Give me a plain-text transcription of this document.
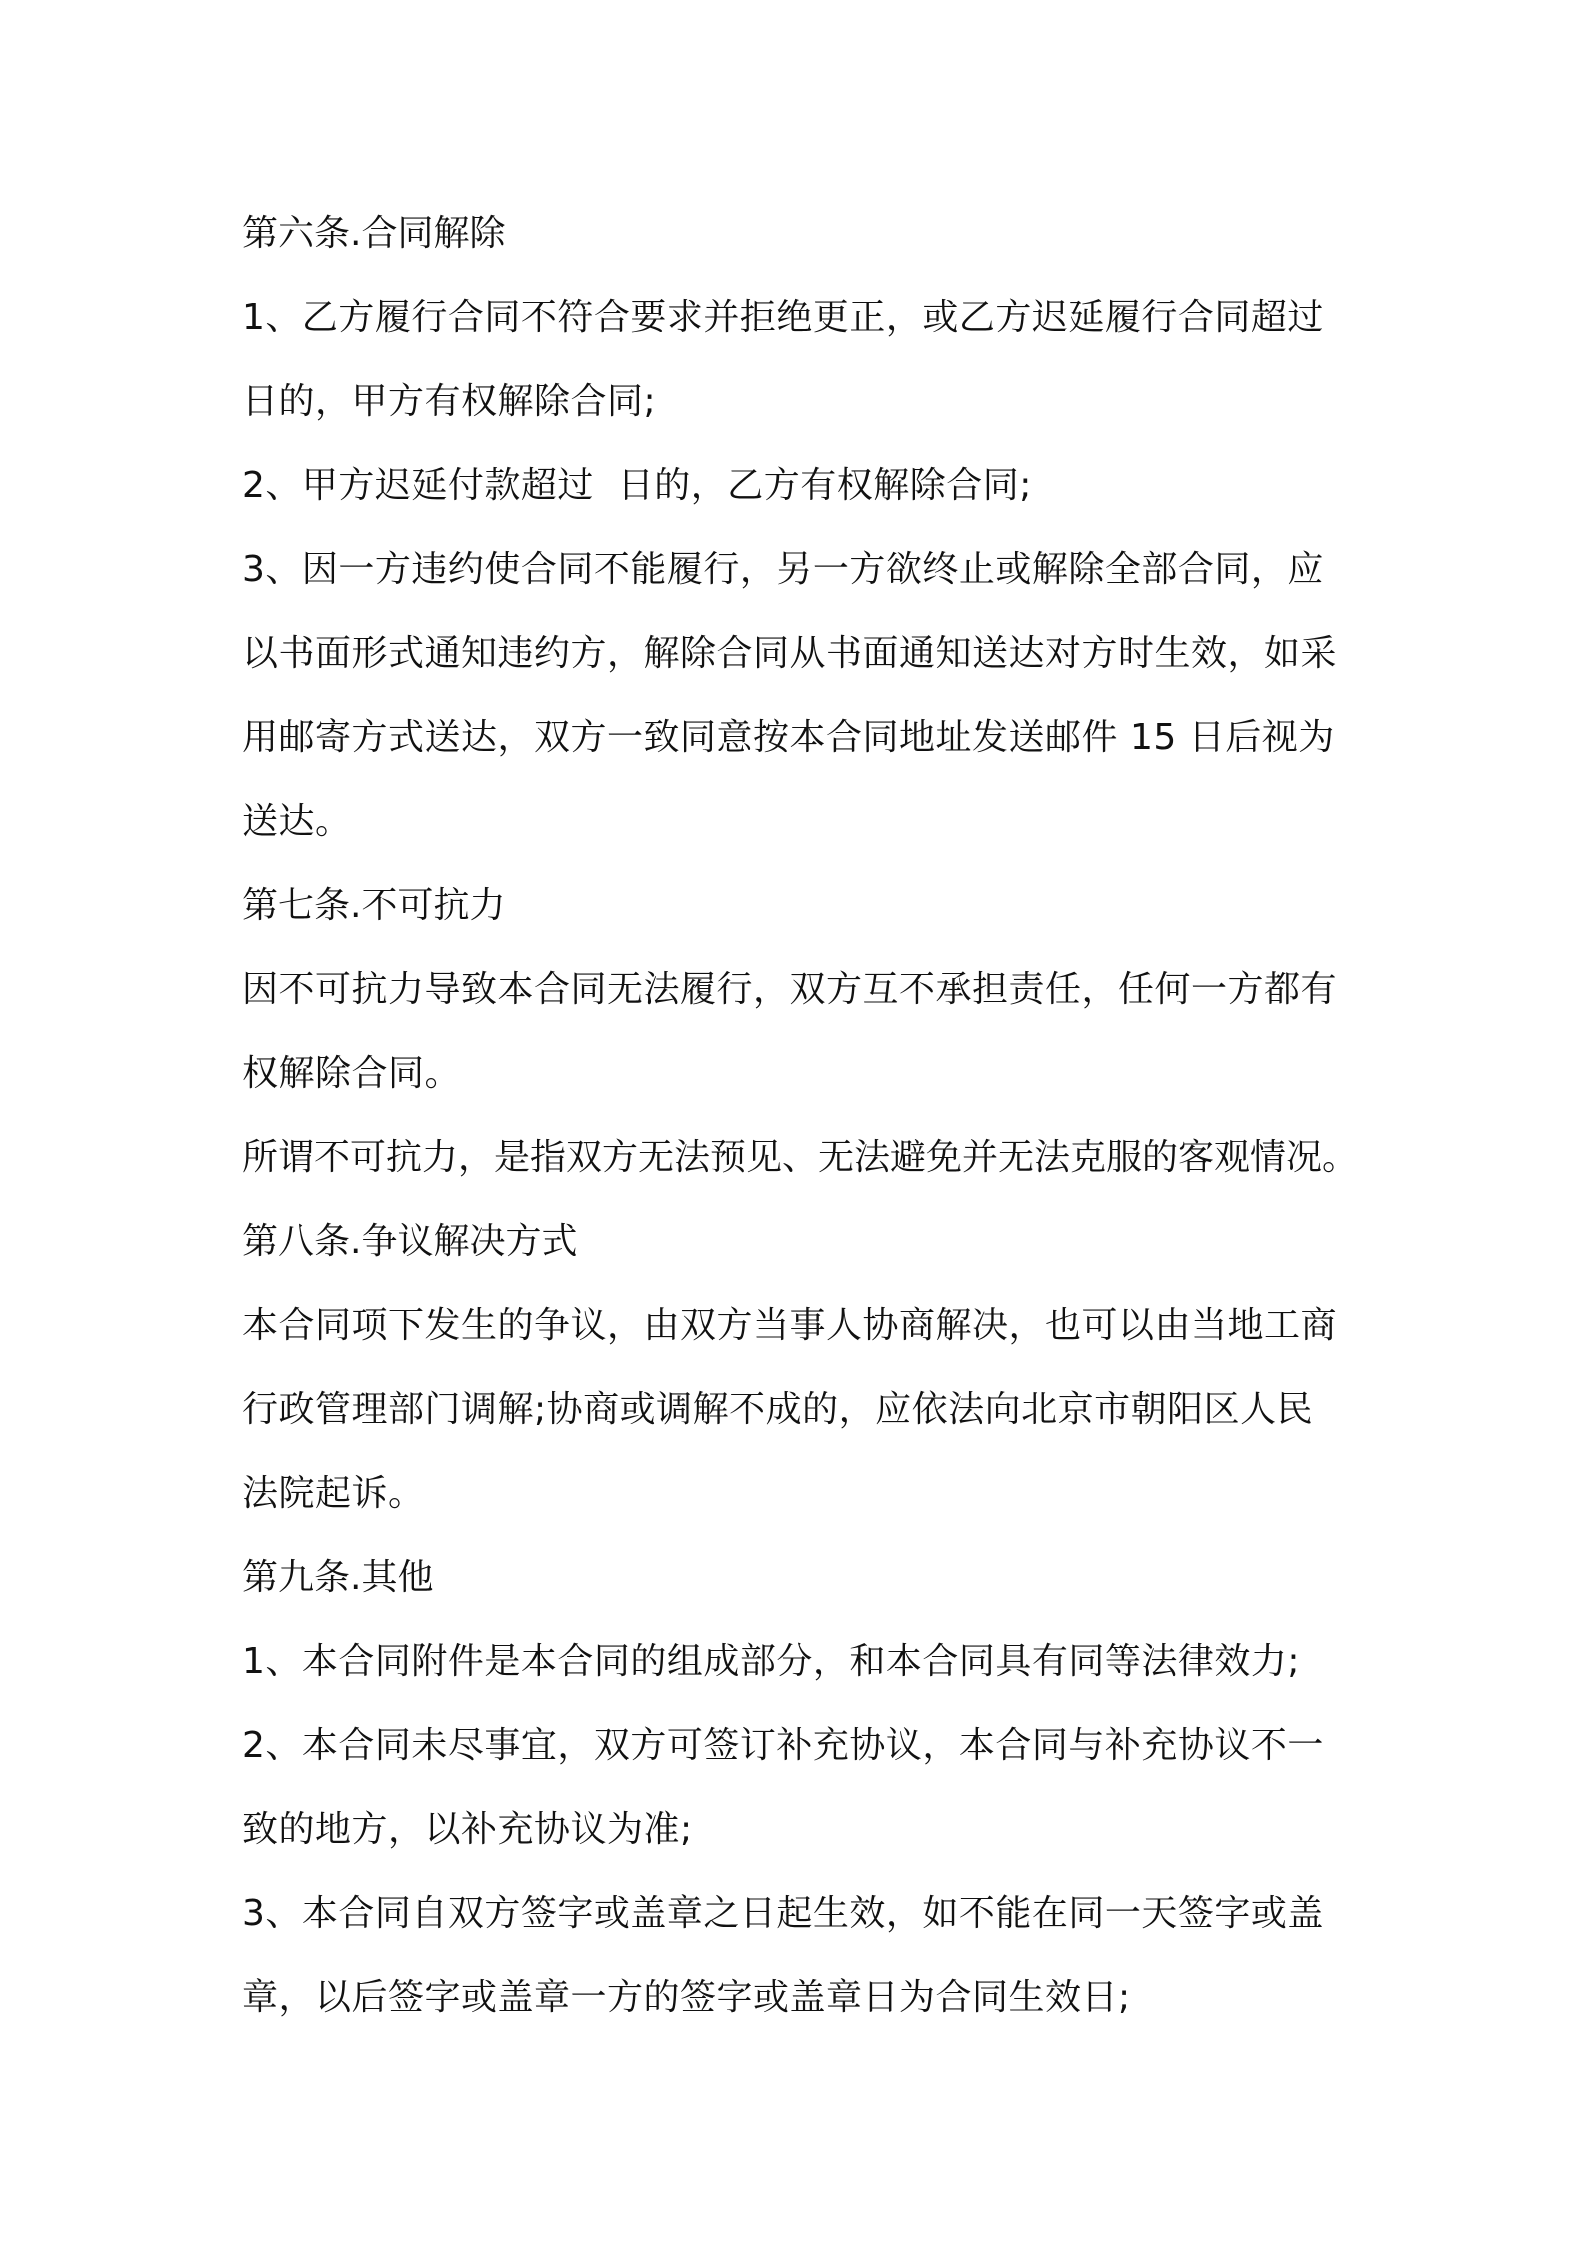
第六条.合同解除
1、乙方履行合同不符合要求并拒绝更正，或乙方迟延履行合同超过
日的，甲方有权解除合同;
2、甲方迟延付款超过  日的，乙方有权解除合同;
3、因一方违约使合同不能履行，另一方欲终止或解除全部合同，应
以书面形式通知违约方，解除合同从书面通知送达对方时生效，如采
用邮寄方式送达，双方一致同意按本合同地址发送邮件 15 日后视为
送达。
第七条.不可抗力
因不可抗力导致本合同无法履行，双方互不承担责任，任何一方都有
权解除合同。
所谓不可抗力，是指双方无法预见、无法避免并无法克服的客观情况。
第八条.争议解决方式
本合同项下发生的争议，由双方当事人协商解决，也可以由当地工商
行政管理部门调解;协商或调解不成的，应依法向北京市朝阳区人民
法院起诉。
第九条.其他
1、本合同附件是本合同的组成部分，和本合同具有同等法律效力;
2、本合同未尽事宜，双方可签订补充协议，本合同与补充协议不一
致的地方，以补充协议为准;
3、本合同自双方签字或盖章之日起生效，如不能在同一天签字或盖
章，以后签字或盖章一方的签字或盖章日为合同生效日;
